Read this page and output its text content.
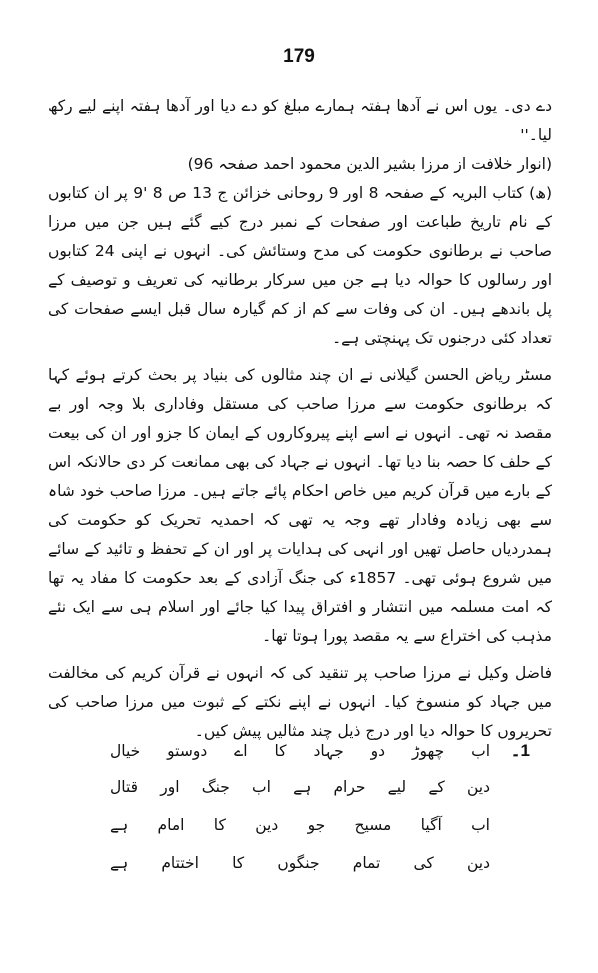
179

دے دی۔ یوں اس نے آدھا ہفتہ ہمارے مبلغ کو دے دیا اور آدھا ہفتہ اپنے لیے رکھ لیا۔''

(انوار خلافت از مرزا بشیر الدین محمود احمد صفحہ 96)

(ھ) کتاب البریہ کے صفحہ 8 اور 9 روحانی خزائن ج 13 ص 8 '9 پر ان کتابوں کے نام تاریخ طباعت اور صفحات کے نمبر درج کیے گئے ہیں جن میں مرزا صاحب نے برطانوی حکومت کی مدح وستائش کی۔ انہوں نے اپنی 24 کتابوں اور رسالوں کا حوالہ دیا ہے جن میں سرکار برطانیہ کی تعریف و توصیف کے پل باندھے ہیں۔ ان کی وفات سے کم از کم گیارہ سال قبل ایسے صفحات کی تعداد کئی درجنوں تک پہنچتی ہے۔

مسٹر ریاض الحسن گیلانی نے ان چند مثالوں کی بنیاد پر بحث کرتے ہوئے کہا کہ برطانوی حکومت سے مرزا صاحب کی مستقل وفاداری بلا وجہ اور بے مقصد نہ تھی۔ انہوں نے اسے اپنے پیروکاروں کے ایمان کا جزو اور ان کی بیعت کے حلف کا حصہ بنا دیا تھا۔ انہوں نے جہاد کی بھی ممانعت کر دی حالانکہ اس کے بارے میں قرآن کریم میں خاص احکام پائے جاتے ہیں۔ مرزا صاحب خود شاہ سے بھی زیادہ وفادار تھے وجہ یہ تھی کہ احمدیہ تحریک کو حکومت کی ہمدردیاں حاصل تھیں اور انہی کی ہدایات پر اور ان کے تحفظ و تائید کے سائے میں شروع ہوئی تھی۔ 1857ء کی جنگ آزادی کے بعد حکومت کا مفاد یہ تھا کہ امت مسلمہ میں انتشار و افتراق پیدا کیا جائے اور اسلام ہی سے ایک نئے مذہب کی اختراع سے یہ مقصد پورا ہوتا تھا۔

فاضل وکیل نے مرزا صاحب پر تنقید کی کہ انہوں نے قرآن کریم کی مخالفت میں جہاد کو منسوخ کیا۔ انہوں نے اپنے نکتے کے ثبوت میں مرزا صاحب کی تحریروں کا حوالہ دیا اور درج ذیل چند مثالیں پیش کیں۔

1۔
اب چھوڑ دو جہاد کا اے دوستو خیال
دین کے لیے حرام ہے اب جنگ اور قتال
اب آگیا مسیح جو دین کا امام ہے
دین کی تمام جنگوں کا اختتام ہے
